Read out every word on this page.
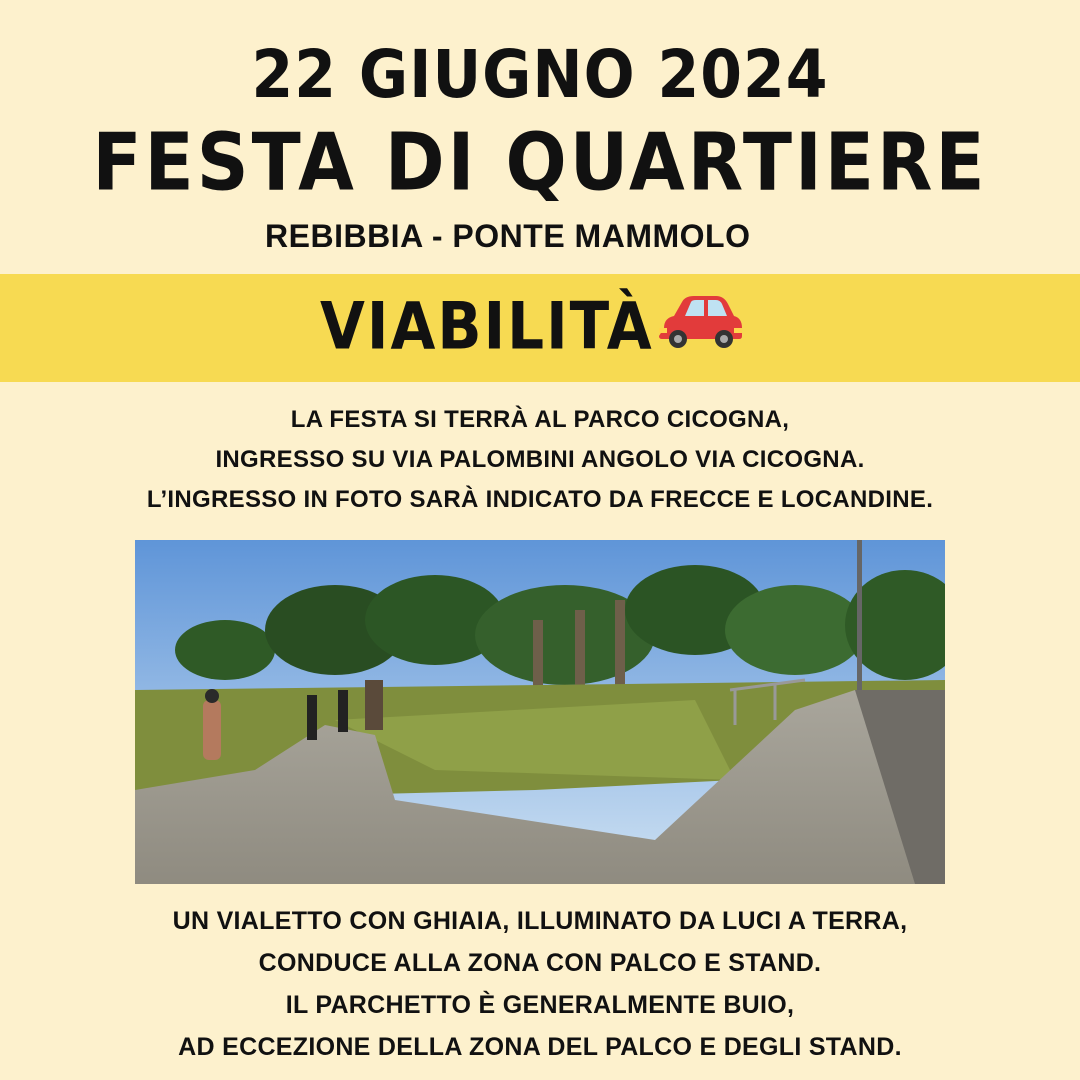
22 GIUGNO 2024
FESTA DI QUARTIERE
REBIBBIA - PONTE MAMMOLO
VIABILITÀ

LA FESTA SI TERRÀ AL PARCO CICOGNA,

INGRESSO SU VIA PALOMBINI ANGOLO VIA CICOGNA.

L’INGRESSO IN FOTO SARÀ INDICATO DA FRECCE E LOCANDINE.

UN VIALETTO CON GHIAIA, ILLUMINATO DA LUCI A TERRA,

CONDUCE ALLA ZONA CON PALCO E STAND.

IL PARCHETTO È GENERALMENTE BUIO,

AD ECCEZIONE DELLA ZONA DEL PALCO E DEGLI STAND.
